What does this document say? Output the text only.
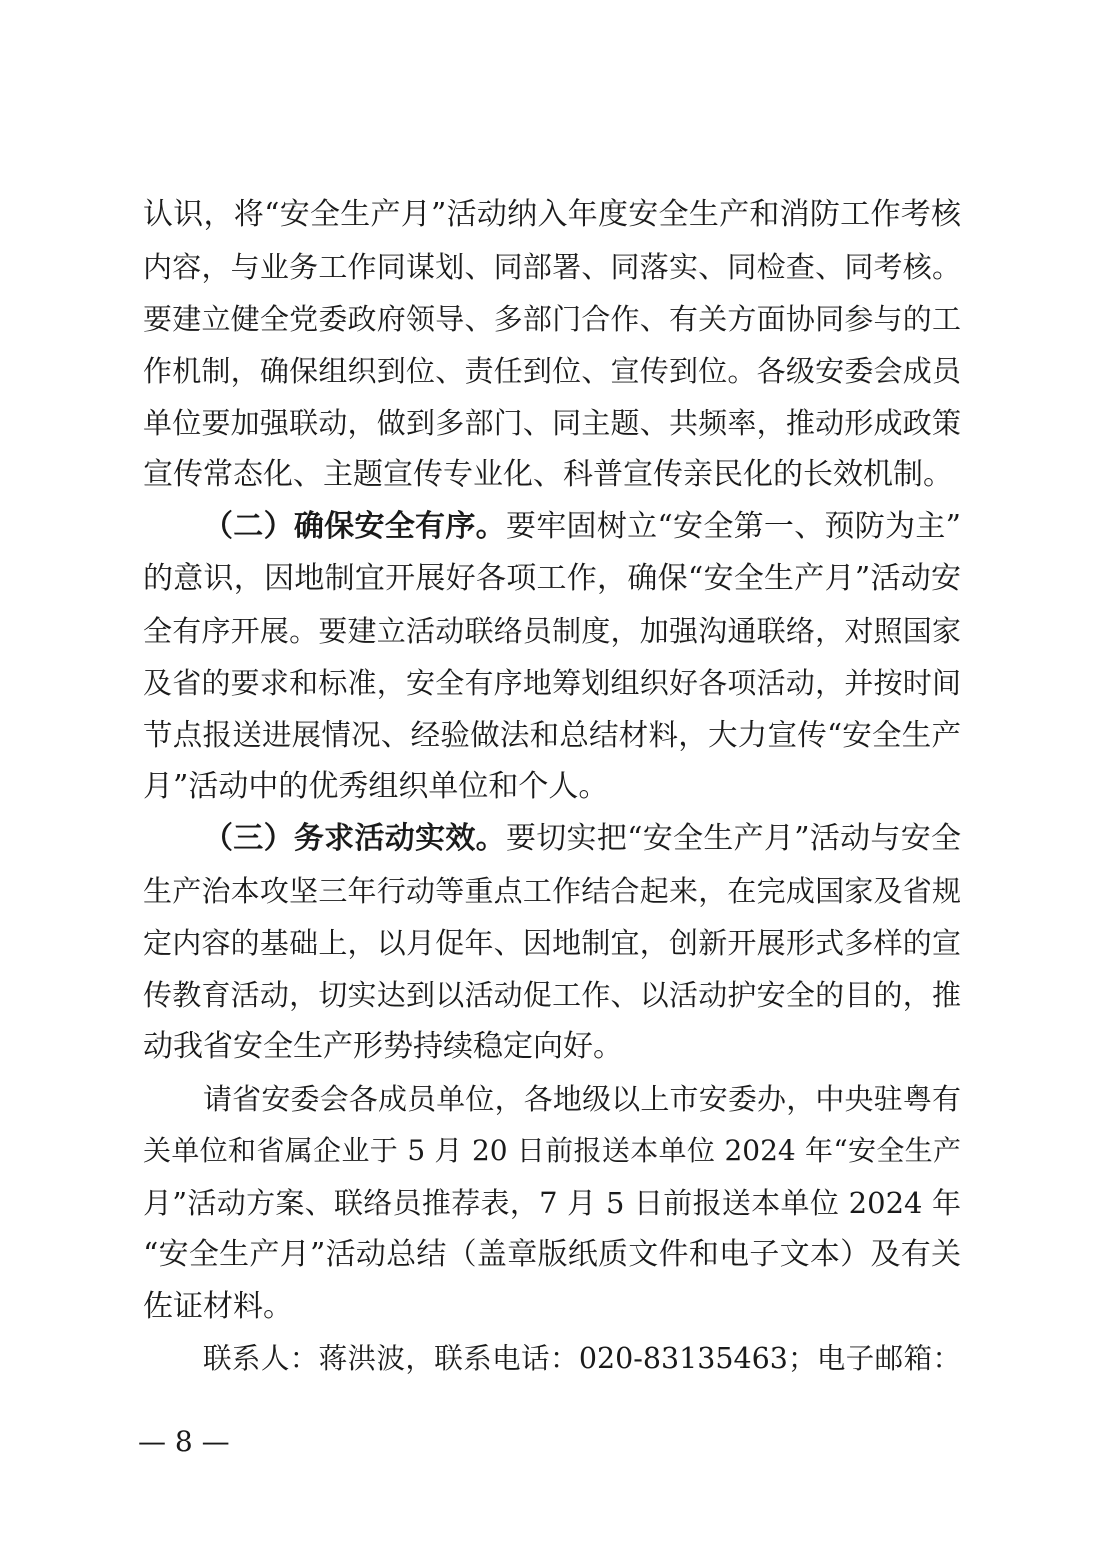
认识，将“安全生产月”活动纳入年度安全生产和消防工作考核
内容，与业务工作同谋划、同部署、同落实、同检查、同考核。
要建立健全党委政府领导、多部门合作、有关方面协同参与的工
作机制，确保组织到位、责任到位、宣传到位。各级安委会成员
单位要加强联动，做到多部门、同主题、共频率，推动形成政策
宣传常态化、主题宣传专业化、科普宣传亲民化的长效机制。
（二）确保安全有序。要牢固树立“安全第一、预防为主”
的意识，因地制宜开展好各项工作，确保“安全生产月”活动安
全有序开展。要建立活动联络员制度，加强沟通联络，对照国家
及省的要求和标准，安全有序地筹划组织好各项活动，并按时间
节点报送进展情况、经验做法和总结材料，大力宣传“安全生产
月”活动中的优秀组织单位和个人。
（三）务求活动实效。要切实把“安全生产月”活动与安全
生产治本攻坚三年行动等重点工作结合起来，在完成国家及省规
定内容的基础上，以月促年、因地制宜，创新开展形式多样的宣
传教育活动，切实达到以活动促工作、以活动护安全的目的，推
动我省安全生产形势持续稳定向好。
请省安委会各成员单位，各地级以上市安委办，中央驻粤有
关单位和省属企业于 5 月 20 日前报送本单位 2024 年“安全生产
月”活动方案、联络员推荐表，7 月 5 日前报送本单位 2024 年
“安全生产月”活动总结（盖章版纸质文件和电子文本）及有关
佐证材料。
联系人：蒋洪波，联系电话：020-83135463；电子邮箱：
— 8 —
